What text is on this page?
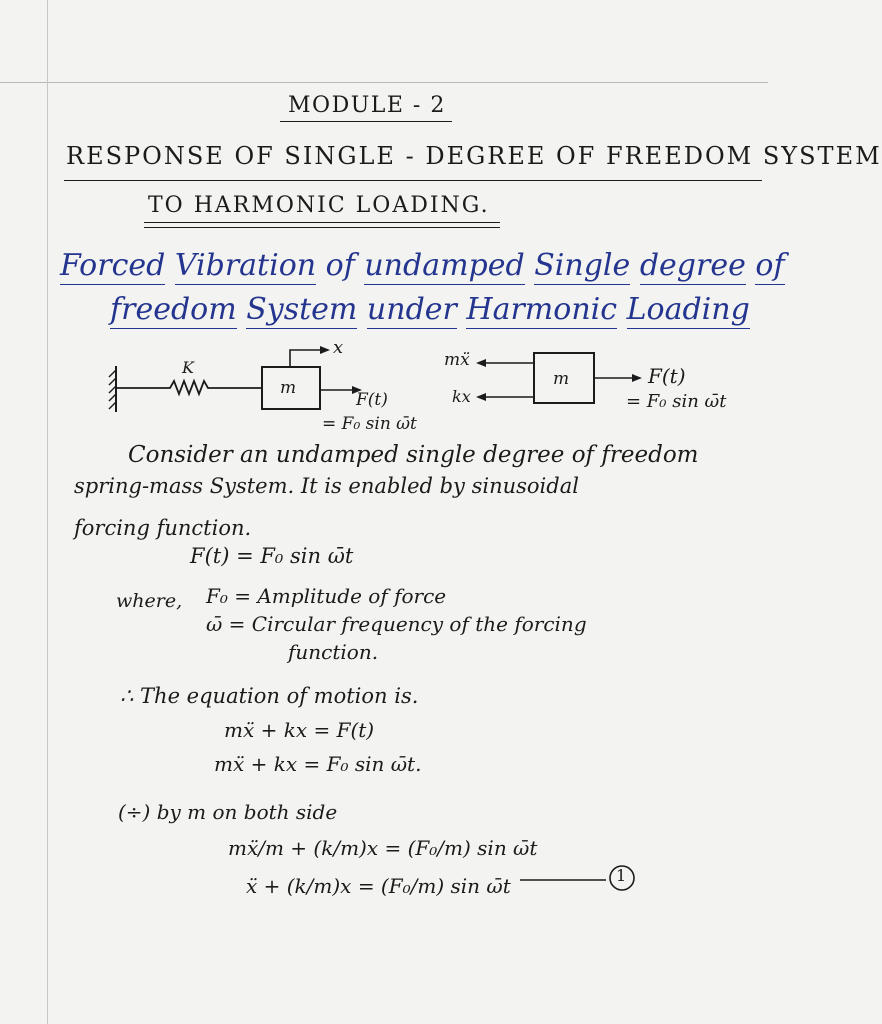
MODULE - 2
RESPONSE OF SINGLE - DEGREE OF FREEDOM SYSTEM
TO HARMONIC LOADING.
Forced Vibration of undamped Single degree of
freedom System under Harmonic Loading
K
m
x
F(t)
= F₀ sin ω̄t
mẍ
kx
m	F(t)
= F₀ sin ω̄t
Consider an undamped single degree of freedom
spring-mass System. It is enabled by sinusoidal
forcing function.
F(t) = F₀ sin ω̄t
where, F₀ = Amplitude of force
ω̄ = Circular frequency of the forcing
function.
∴ The equation of motion is.
mẍ + kx = F(t)
mẍ + kx = F₀ sin ω̄t.
(÷) by m on both side
mẍ/m + (k/m)x = (F₀/m) sin ω̄t
ẍ + (k/m)x = (F₀/m) sin ω̄t	1
